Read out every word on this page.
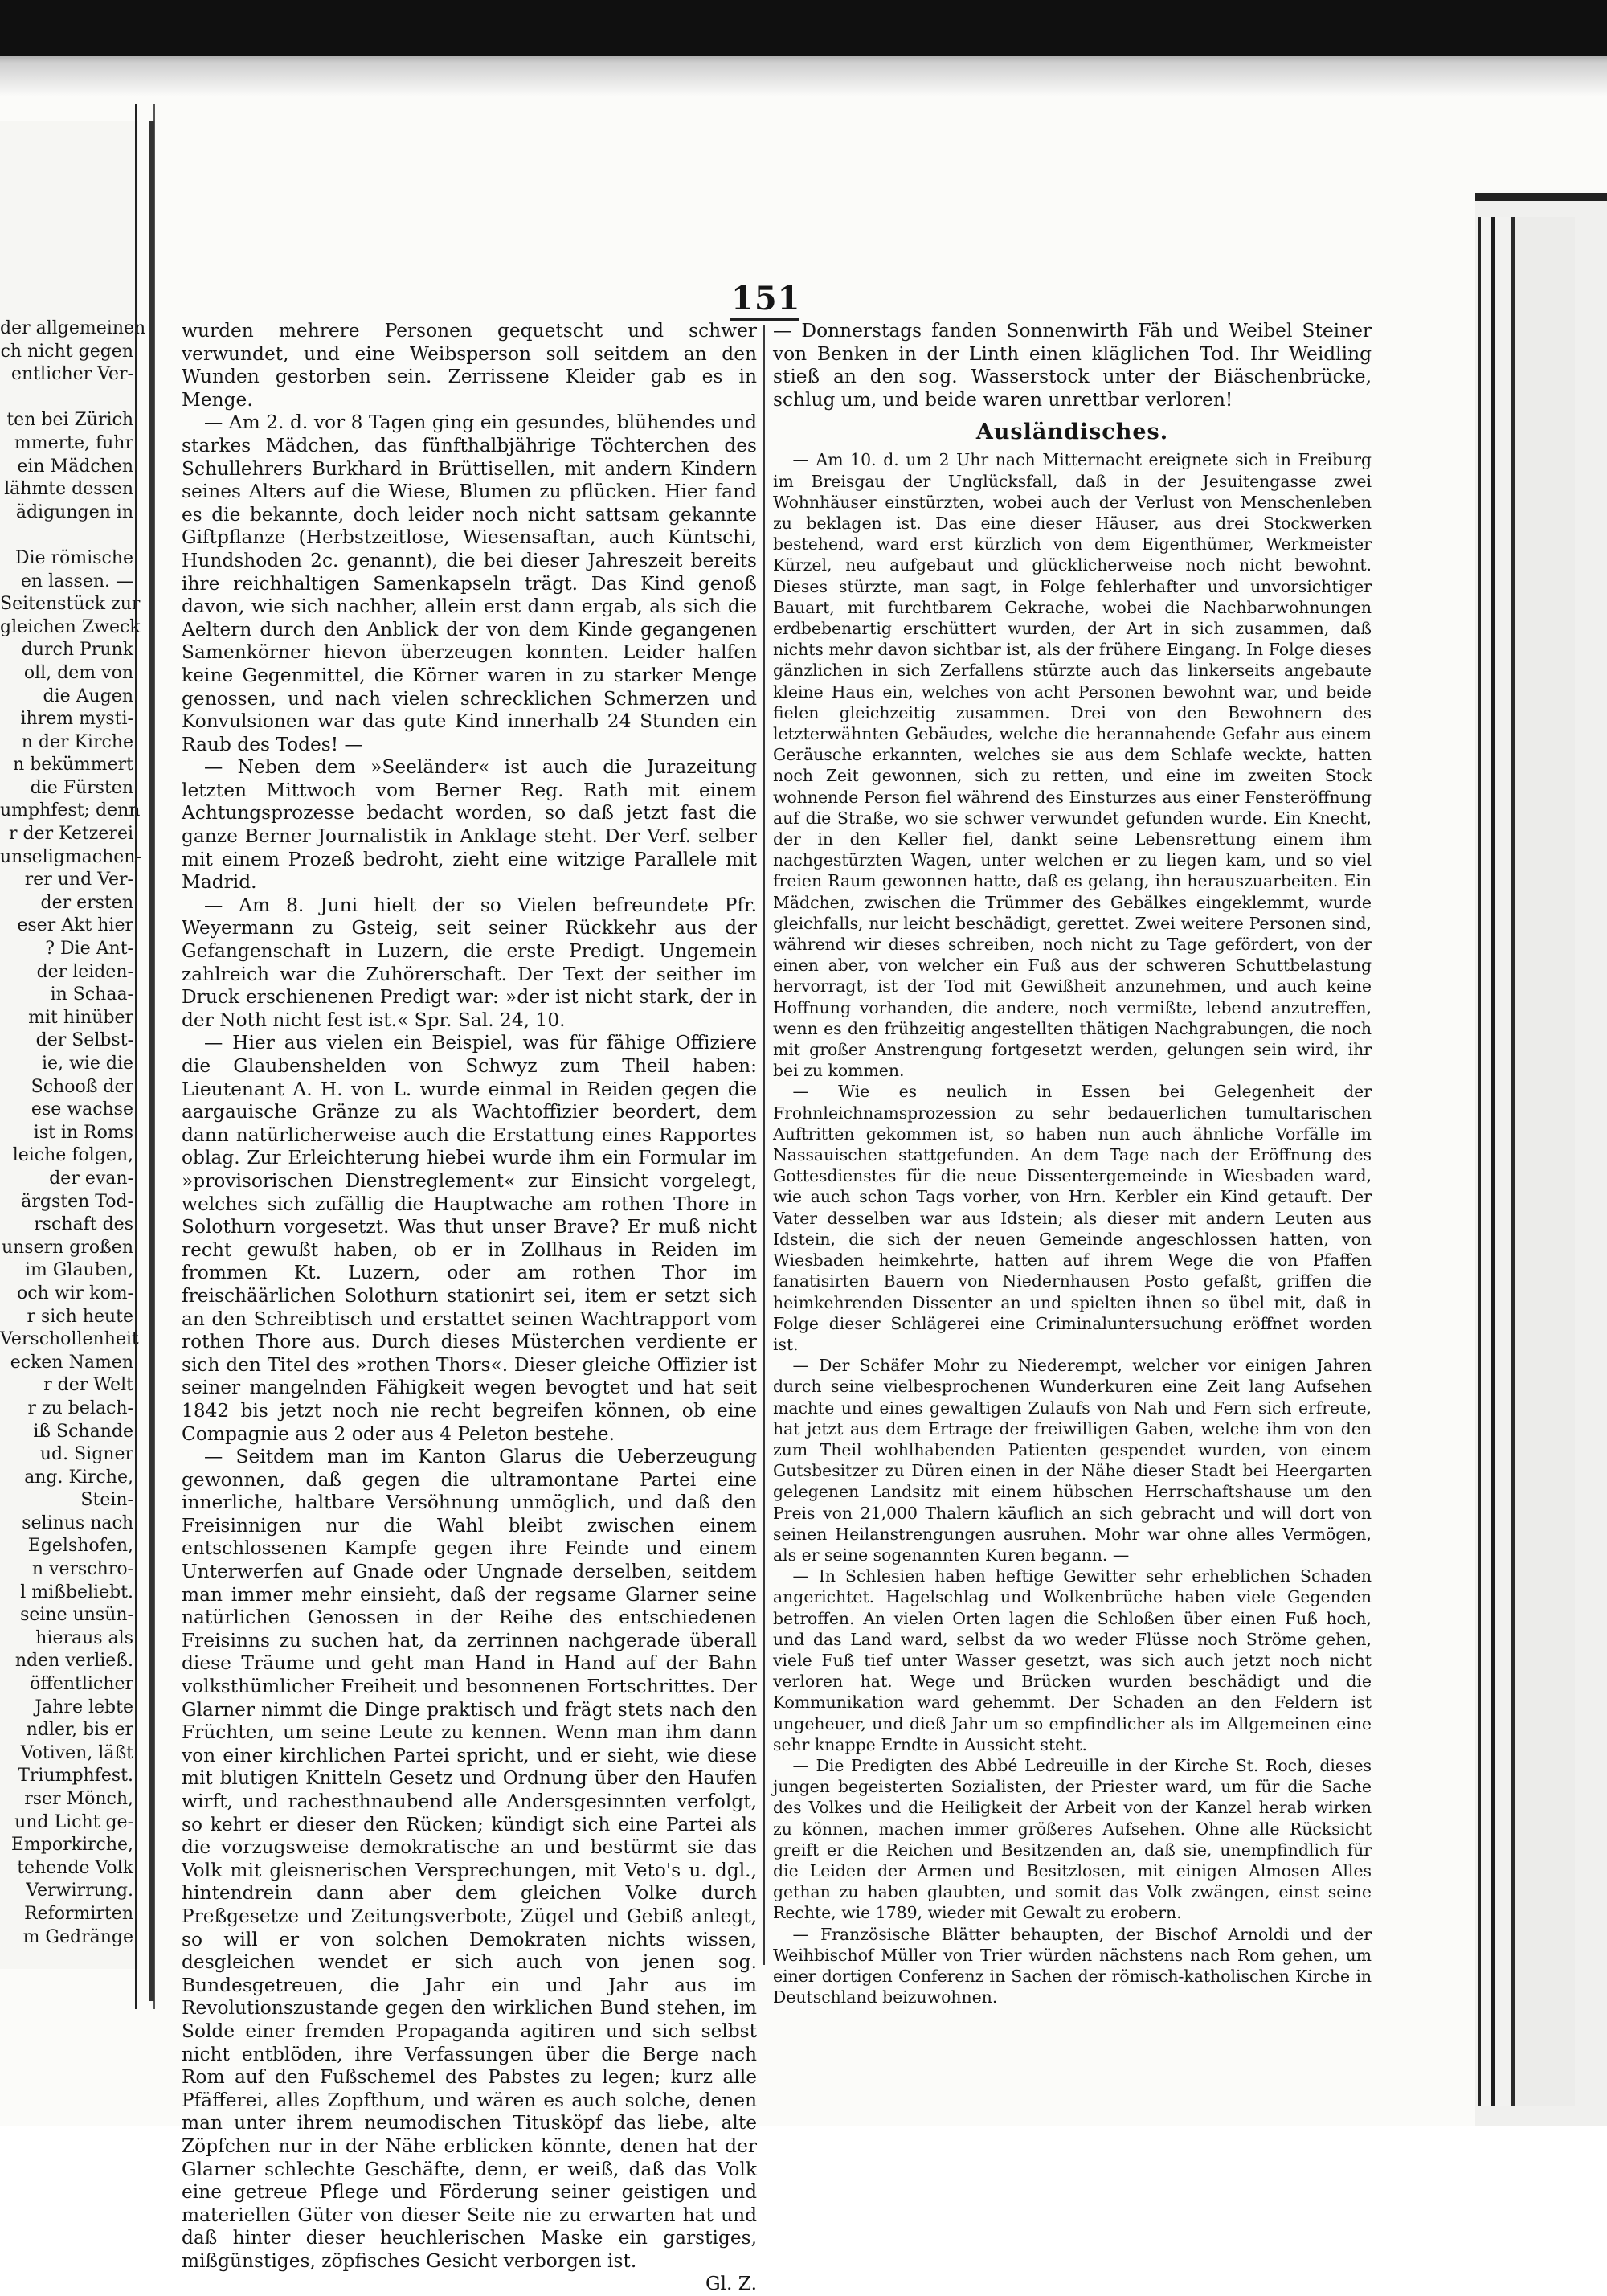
der allgemeinen
ch nicht gegen
entlicher Ver-
ten bei Zürich
mmerte, fuhr
ein Mädchen
lähmte dessen
ädigungen in
Die römische
en lassen. —
Seitenstück zur
gleichen Zweck
durch Prunk
oll, dem von
die Augen
ihrem mysti-
n der Kirche
n bekümmert
die Fürsten
umphfest; denn
r der Ketzerei
unseligmachen-
rer und Ver-
der ersten
eser Akt hier
? Die Ant-
der leiden-
in Schaa-
mit hinüber
der Selbst-
ie, wie die
Schooß der
ese wachse
ist in Roms
leiche folgen,
der evan-
ärgsten Tod-
rschaft des
unsern großen
im Glauben,
och wir kom-
r sich heute
Verschollenheit
ecken Namen
r der Welt
r zu belach-
iß Schande
ud. Signer
ang. Kirche,
Stein-
selinus nach
Egelshofen,
n verschro-
l mißbeliebt.
seine unsün-
hieraus als
nden verließ.
öffentlicher
Jahre lebte
ndler, bis er
Votiven, läßt
Triumphfest.
rser Mönch,
und Licht ge-
Emporkirche,
tehende Volk
Verwirrung.
Reformirten
m Gedränge
151

wurden mehrere Personen gequetscht und schwer verwundet, und eine Weibsperson soll seitdem an den Wunden gestorben sein. Zerrissene Kleider gab es in Menge.

— Am 2. d. vor 8 Tagen ging ein gesundes, blühendes und starkes Mädchen, das fünfthalbjährige Töchterchen des Schullehrers Burkhard in Brüttisellen, mit andern Kindern seines Alters auf die Wiese, Blumen zu pflücken. Hier fand es die bekannte, doch leider noch nicht sattsam gekannte Giftpflanze (Herbstzeitlose, Wiesensaftan, auch Küntschi, Hundshoden 2c. genannt), die bei dieser Jahreszeit bereits ihre reichhaltigen Samenkapseln trägt. Das Kind genoß davon, wie sich nachher, allein erst dann ergab, als sich die Aeltern durch den Anblick der von dem Kinde gegangenen Samenkörner hievon überzeugen konnten. Leider halfen keine Gegenmittel, die Körner waren in zu starker Menge genossen, und nach vielen schrecklichen Schmerzen und Konvulsionen war das gute Kind innerhalb 24 Stunden ein Raub des Todes! —

— Neben dem »Seeländer« ist auch die Jurazeitung letzten Mittwoch vom Berner Reg. Rath mit einem Achtungsprozesse bedacht worden, so daß jetzt fast die ganze Berner Journalistik in Anklage steht. Der Verf. selber mit einem Prozeß bedroht, zieht eine witzige Parallele mit Madrid.

— Am 8. Juni hielt der so Vielen befreundete Pfr. Weyermann zu Gsteig, seit seiner Rückkehr aus der Gefangenschaft in Luzern, die erste Predigt. Ungemein zahlreich war die Zuhörerschaft. Der Text der seither im Druck erschienenen Predigt war: »der ist nicht stark, der in der Noth nicht fest ist.« Spr. Sal. 24, 10.

— Hier aus vielen ein Beispiel, was für fähige Offiziere die Glaubenshelden von Schwyz zum Theil haben: Lieutenant A. H. von L. wurde einmal in Reiden gegen die aargauische Gränze zu als Wachtoffizier beordert, dem dann natürlicherweise auch die Erstattung eines Rapportes oblag. Zur Erleichterung hiebei wurde ihm ein Formular im »provisorischen Dienstreglement« zur Einsicht vorgelegt, welches sich zufällig die Hauptwache am rothen Thore in Solothurn vorgesetzt. Was thut unser Brave? Er muß nicht recht gewußt haben, ob er in Zollhaus in Reiden im frommen Kt. Luzern, oder am rothen Thor im freischäärlichen Solothurn stationirt sei, item er setzt sich an den Schreibtisch und erstattet seinen Wachtrapport vom rothen Thore aus. Durch dieses Müsterchen verdiente er sich den Titel des »rothen Thors«. Dieser gleiche Offizier ist seiner mangelnden Fähigkeit wegen bevogtet und hat seit 1842 bis jetzt noch nie recht begreifen können, ob eine Compagnie aus 2 oder aus 4 Peleton bestehe.

— Seitdem man im Kanton Glarus die Ueberzeugung gewonnen, daß gegen die ultramontane Partei eine innerliche, haltbare Versöhnung unmöglich, und daß den Freisinnigen nur die Wahl bleibt zwischen einem entschlossenen Kampfe gegen ihre Feinde und einem Unterwerfen auf Gnade oder Ungnade derselben, seitdem man immer mehr einsieht, daß der regsame Glarner seine natürlichen Genossen in der Reihe des entschiedenen Freisinns zu suchen hat, da zerrinnen nachgerade überall diese Träume und geht man Hand in Hand auf der Bahn volksthümlicher Freiheit und besonnenen Fortschrittes. Der Glarner nimmt die Dinge praktisch und frägt stets nach den Früchten, um seine Leute zu kennen. Wenn man ihm dann von einer kirchlichen Partei spricht, und er sieht, wie diese mit blutigen Knitteln Gesetz und Ordnung über den Haufen wirft, und rachesthnaubend alle Andersgesinnten verfolgt, so kehrt er dieser den Rücken; kündigt sich eine Partei als die vorzugsweise demokratische an und bestürmt sie das Volk mit gleisnerischen Versprechungen, mit Veto's u. dgl., hintendrein dann aber dem gleichen Volke durch Preßgesetze und Zeitungsverbote, Zügel und Gebiß anlegt, so will er von solchen Demokraten nichts wissen, desgleichen wendet er sich auch von jenen sog. Bundesgetreuen, die Jahr ein und Jahr aus im Revolutionszustande gegen den wirklichen Bund stehen, im Solde einer fremden Propaganda agitiren und sich selbst nicht entblöden, ihre Verfassungen über die Berge nach Rom auf den Fußschemel des Pabstes zu legen; kurz alle Pfäfferei, alles Zopfthum, und wären es auch solche, denen man unter ihrem neumodischen Titusköpf das liebe, alte Zöpfchen nur in der Nähe erblicken könnte, denen hat der Glarner schlechte Geschäfte, denn, er weiß, daß das Volk eine getreue Pflege und Förderung seiner geistigen und materiellen Güter von dieser Seite nie zu erwarten hat und daß hinter dieser heuchlerischen Maske ein garstiges, mißgünstiges, zöpfisches Gesicht verborgen ist.

Gl. Z.

— Donnerstags fanden Sonnenwirth Fäh und Weibel Steiner von Benken in der Linth einen kläglichen Tod. Ihr Weidling stieß an den sog. Wasserstock unter der Biäschenbrücke, schlug um, und beide waren unrettbar verloren!

Ausländisches.

— Am 10. d. um 2 Uhr nach Mitternacht ereignete sich in Freiburg im Breisgau der Unglücksfall, daß in der Jesuitengasse zwei Wohnhäuser einstürzten, wobei auch der Verlust von Menschenleben zu beklagen ist. Das eine dieser Häuser, aus drei Stockwerken bestehend, ward erst kürzlich von dem Eigenthümer, Werkmeister Kürzel, neu aufgebaut und glücklicherweise noch nicht bewohnt. Dieses stürzte, man sagt, in Folge fehlerhafter und unvorsichtiger Bauart, mit furchtbarem Gekrache, wobei die Nachbarwohnungen erdbebenartig erschüttert wurden, der Art in sich zusammen, daß nichts mehr davon sichtbar ist, als der frühere Eingang. In Folge dieses gänzlichen in sich Zerfallens stürzte auch das linkerseits angebaute kleine Haus ein, welches von acht Personen bewohnt war, und beide fielen gleichzeitig zusammen. Drei von den Bewohnern des letzterwähnten Gebäudes, welche die herannahende Gefahr aus einem Geräusche erkannten, welches sie aus dem Schlafe weckte, hatten noch Zeit gewonnen, sich zu retten, und eine im zweiten Stock wohnende Person fiel während des Einsturzes aus einer Fensteröffnung auf die Straße, wo sie schwer verwundet gefunden wurde. Ein Knecht, der in den Keller fiel, dankt seine Lebensrettung einem ihm nachgestürzten Wagen, unter welchen er zu liegen kam, und so viel freien Raum gewonnen hatte, daß es gelang, ihn herauszuarbeiten. Ein Mädchen, zwischen die Trümmer des Gebälkes eingeklemmt, wurde gleichfalls, nur leicht beschädigt, gerettet. Zwei weitere Personen sind, während wir dieses schreiben, noch nicht zu Tage gefördert, von der einen aber, von welcher ein Fuß aus der schweren Schuttbelastung hervorragt, ist der Tod mit Gewißheit anzunehmen, und auch keine Hoffnung vorhanden, die andere, noch vermißte, lebend anzutreffen, wenn es den frühzeitig angestellten thätigen Nachgrabungen, die noch mit großer Anstrengung fortgesetzt werden, gelungen sein wird, ihr bei zu kommen.

— Wie es neulich in Essen bei Gelegenheit der Frohnleichnamsprozession zu sehr bedauerlichen tumultarischen Auftritten gekommen ist, so haben nun auch ähnliche Vorfälle im Nassauischen stattgefunden. An dem Tage nach der Eröffnung des Gottesdienstes für die neue Dissentergemeinde in Wiesbaden ward, wie auch schon Tags vorher, von Hrn. Kerbler ein Kind getauft. Der Vater desselben war aus Idstein; als dieser mit andern Leuten aus Idstein, die sich der neuen Gemeinde angeschlossen hatten, von Wiesbaden heimkehrte, hatten auf ihrem Wege die von Pfaffen fanatisirten Bauern von Niedernhausen Posto gefaßt, griffen die heimkehrenden Dissenter an und spielten ihnen so übel mit, daß in Folge dieser Schlägerei eine Criminaluntersuchung eröffnet worden ist.

— Der Schäfer Mohr zu Niederempt, welcher vor einigen Jahren durch seine vielbesprochenen Wunderkuren eine Zeit lang Aufsehen machte und eines gewaltigen Zulaufs von Nah und Fern sich erfreute, hat jetzt aus dem Ertrage der freiwilligen Gaben, welche ihm von den zum Theil wohlhabenden Patienten gespendet wurden, von einem Gutsbesitzer zu Düren einen in der Nähe dieser Stadt bei Heergarten gelegenen Landsitz mit einem hübschen Herrschaftshause um den Preis von 21,000 Thalern käuflich an sich gebracht und will dort von seinen Heilanstrengungen ausruhen. Mohr war ohne alles Vermögen, als er seine sogenannten Kuren begann. —

— In Schlesien haben heftige Gewitter sehr erheblichen Schaden angerichtet. Hagelschlag und Wolkenbrüche haben viele Gegenden betroffen. An vielen Orten lagen die Schloßen über einen Fuß hoch, und das Land ward, selbst da wo weder Flüsse noch Ströme gehen, viele Fuß tief unter Wasser gesetzt, was sich auch jetzt noch nicht verloren hat. Wege und Brücken wurden beschädigt und die Kommunikation ward gehemmt. Der Schaden an den Feldern ist ungeheuer, und dieß Jahr um so empfindlicher als im Allgemeinen eine sehr knappe Erndte in Aussicht steht.

— Die Predigten des Abbé Ledreuille in der Kirche St. Roch, dieses jungen begeisterten Sozialisten, der Priester ward, um für die Sache des Volkes und die Heiligkeit der Arbeit von der Kanzel herab wirken zu können, machen immer größeres Aufsehen. Ohne alle Rücksicht greift er die Reichen und Besitzenden an, daß sie, unempfindlich für die Leiden der Armen und Besitzlosen, mit einigen Almosen Alles gethan zu haben glaubten, und somit das Volk zwängen, einst seine Rechte, wie 1789, wieder mit Gewalt zu erobern.

— Französische Blätter behaupten, der Bischof Arnoldi und der Weihbischof Müller von Trier würden nächstens nach Rom gehen, um einer dortigen Conferenz in Sachen der römisch-katholischen Kirche in Deutschland beizuwohnen.
